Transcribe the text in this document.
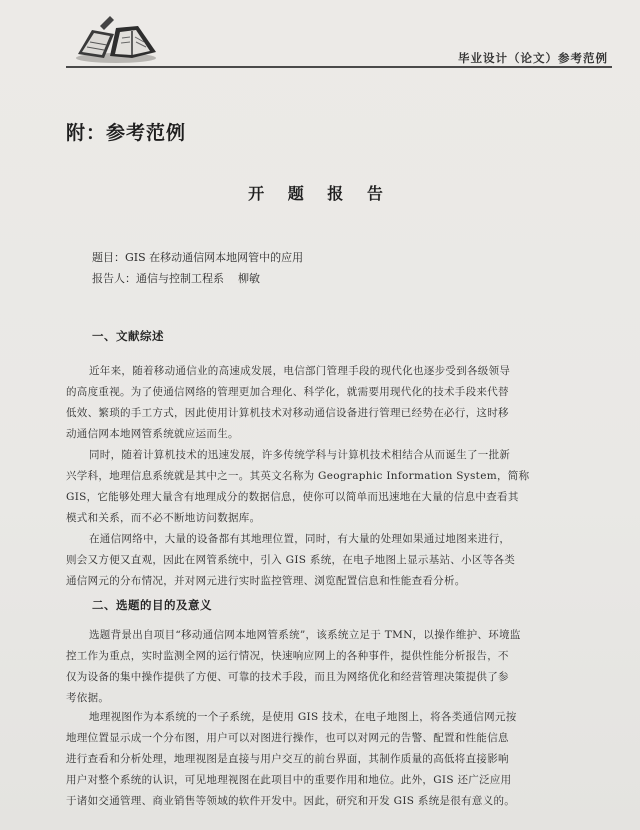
毕业设计（论文）参考范例
附：参考范例
开 题 报 告
题目：GIS 在移动通信网本地网管中的应用
报告人：通信与控制工程系 柳敏
一、文献综述
近年来，随着移动通信业的高速成发展，电信部门管理手段的现代化也逐步受到各级领导
的高度重视。为了使通信网络的管理更加合理化、科学化，就需要用现代化的技术手段来代替
低效、繁琐的手工方式，因此使用计算机技术对移动通信设备进行管理已经势在必行，这时移
动通信网本地网管系统就应运而生。
同时，随着计算机技术的迅速发展，许多传统学科与计算机技术相结合从而诞生了一批新
兴学科，地理信息系统就是其中之一。其英文名称为 Geographic Information System，简称
GIS，它能够处理大量含有地理成分的数据信息，使你可以简单而迅速地在大量的信息中查看其
模式和关系，而不必不断地访问数据库。
在通信网络中，大量的设备都有其地理位置，同时，有大量的处理如果通过地图来进行，
则会又方便又直观，因此在网管系统中，引入 GIS 系统，在电子地图上显示基站、小区等各类
通信网元的分布情况，并对网元进行实时监控管理、浏览配置信息和性能查看分析。
二、选题的目的及意义
选题背景出自项目“移动通信网本地网管系统”，该系统立足于 TMN，以操作维护、环境监
控工作为重点，实时监测全网的运行情况，快速响应网上的各种事件，提供性能分析报告，不
仅为设备的集中操作提供了方便、可靠的技术手段，而且为网络优化和经营管理决策提供了参
考依据。
地理视图作为本系统的一个子系统，是使用 GIS 技术，在电子地图上，将各类通信网元按
地理位置显示成一个分布图，用户可以对图进行操作，也可以对网元的告警、配置和性能信息
进行查看和分析处理，地理视图是直接与用户交互的前台界面，其制作质量的高低将直接影响
用户对整个系统的认识，可见地理视图在此项目中的重要作用和地位。此外，GIS 还广泛应用
于诸如交通管理、商业销售等领域的软件开发中。因此，研究和开发 GIS 系统是很有意义的。
